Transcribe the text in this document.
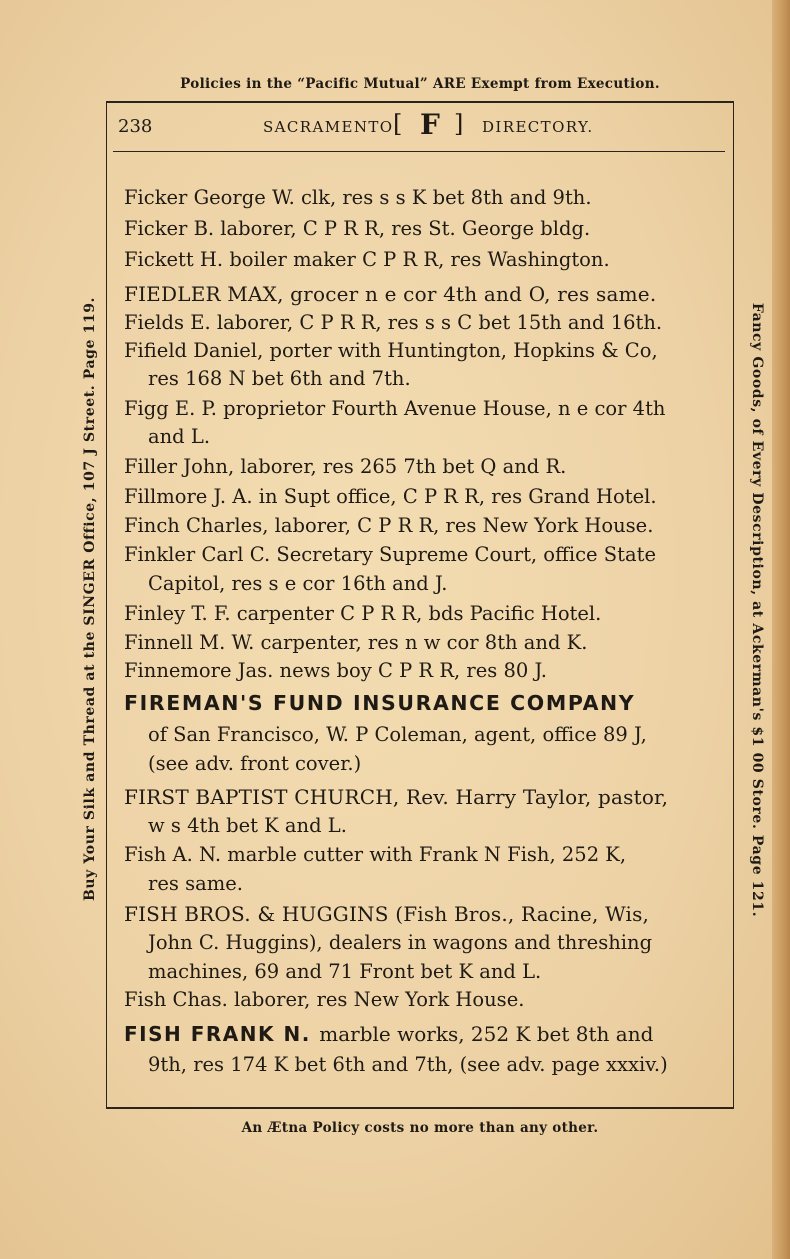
Policies in the “Pacific Mutual” ARE Exempt from Execution.
Buy Your Silk and Thread at the SINGER Office, 107 J Street. Page 119.	Fancy Goods, of Every Description, at Ackerman's $1 00 Store. Page 121.
238	SACRAMENTO [ F ] DIRECTORY.
Ficker George W. clk, res s s K bet 8th and 9th.
Ficker B. laborer, C P R R, res St. George bldg.
Fickett H. boiler maker C P R R, res Washington.
FIEDLER MAX, grocer n e cor 4th and O, res same.
Fields E. laborer, C P R R, res s s C bet 15th and 16th.
Fifield Daniel, porter with Huntington, Hopkins & Co,
res 168 N bet 6th and 7th.
Figg E. P. proprietor Fourth Avenue House, n e cor 4th
and L.
Filler John, laborer, res 265 7th bet Q and R.
Fillmore J. A. in Supt office, C P R R, res Grand Hotel.
Finch Charles, laborer, C P R R, res New York House.
Finkler Carl C. Secretary Supreme Court, office State
Capitol, res s e cor 16th and J.
Finley T. F. carpenter C P R R, bds Pacific Hotel.
Finnell M. W. carpenter, res n w cor 8th and K.
Finnemore Jas. news boy C P R R, res 80 J.
FIREMAN'S FUND INSURANCE COMPANY
of San Francisco, W. P Coleman, agent, office 89 J,
(see adv. front cover.)
FIRST BAPTIST CHURCH, Rev. Harry Taylor, pastor,
w s 4th bet K and L.
Fish A. N. marble cutter with Frank N Fish, 252 K,
res same.
FISH BROS. & HUGGINS (Fish Bros., Racine, Wis,
John C. Huggins), dealers in wagons and threshing
machines, 69 and 71 Front bet K and L.
Fish Chas. laborer, res New York House.
FISH FRANK N. marble works, 252 K bet 8th and
9th, res 174 K bet 6th and 7th, (see adv. page xxxiv.)
An Ætna Policy costs no more than any other.
